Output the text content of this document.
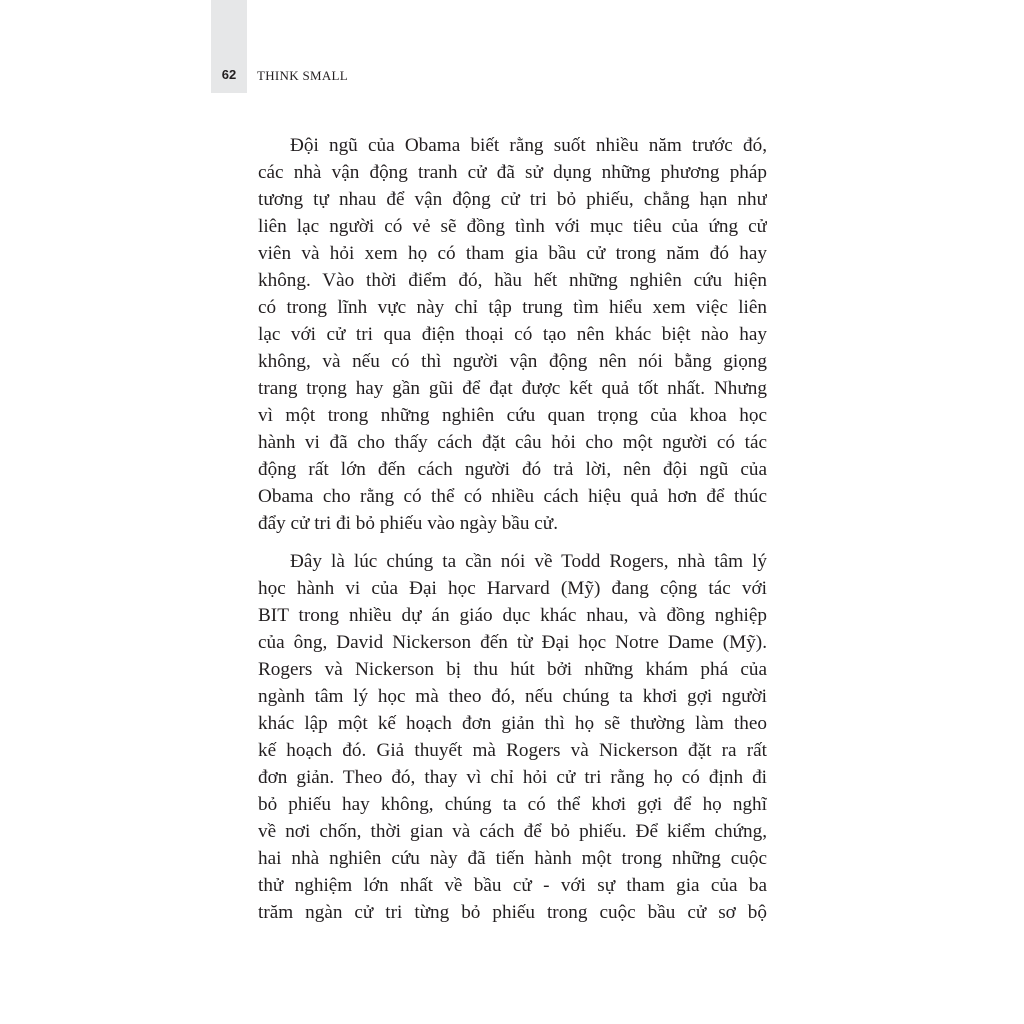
62	THINK SMALL
Đội ngũ của Obama biết rằng suốt nhiều năm trước đó,
các nhà vận động tranh cử đã sử dụng những phương pháp
tương tự nhau để vận động cử tri bỏ phiếu, chẳng hạn như
liên lạc người có vẻ sẽ đồng tình với mục tiêu của ứng cử
viên và hỏi xem họ có tham gia bầu cử trong năm đó hay
không. Vào thời điểm đó, hầu hết những nghiên cứu hiện
có trong lĩnh vực này chỉ tập trung tìm hiểu xem việc liên
lạc với cử tri qua điện thoại có tạo nên khác biệt nào hay
không, và nếu có thì người vận động nên nói bằng giọng
trang trọng hay gần gũi để đạt được kết quả tốt nhất. Nhưng
vì một trong những nghiên cứu quan trọng của khoa học
hành vi đã cho thấy cách đặt câu hỏi cho một người có tác
động rất lớn đến cách người đó trả lời, nên đội ngũ của
Obama cho rằng có thể có nhiều cách hiệu quả hơn để thúc
đẩy cử tri đi bỏ phiếu vào ngày bầu cử.
Đây là lúc chúng ta cần nói về Todd Rogers, nhà tâm lý
học hành vi của Đại học Harvard (Mỹ) đang cộng tác với
BIT trong nhiều dự án giáo dục khác nhau, và đồng nghiệp
của ông, David Nickerson đến từ Đại học Notre Dame (Mỹ).
Rogers và Nickerson bị thu hút bởi những khám phá của
ngành tâm lý học mà theo đó, nếu chúng ta khơi gợi người
khác lập một kế hoạch đơn giản thì họ sẽ thường làm theo
kế hoạch đó. Giả thuyết mà Rogers và Nickerson đặt ra rất
đơn giản. Theo đó, thay vì chỉ hỏi cử tri rằng họ có định đi
bỏ phiếu hay không, chúng ta có thể khơi gợi để họ nghĩ
về nơi chốn, thời gian và cách để bỏ phiếu. Để kiểm chứng,
hai nhà nghiên cứu này đã tiến hành một trong những cuộc
thử nghiệm lớn nhất về bầu cử - với sự tham gia của ba
trăm ngàn cử tri từng bỏ phiếu trong cuộc bầu cử sơ bộ
